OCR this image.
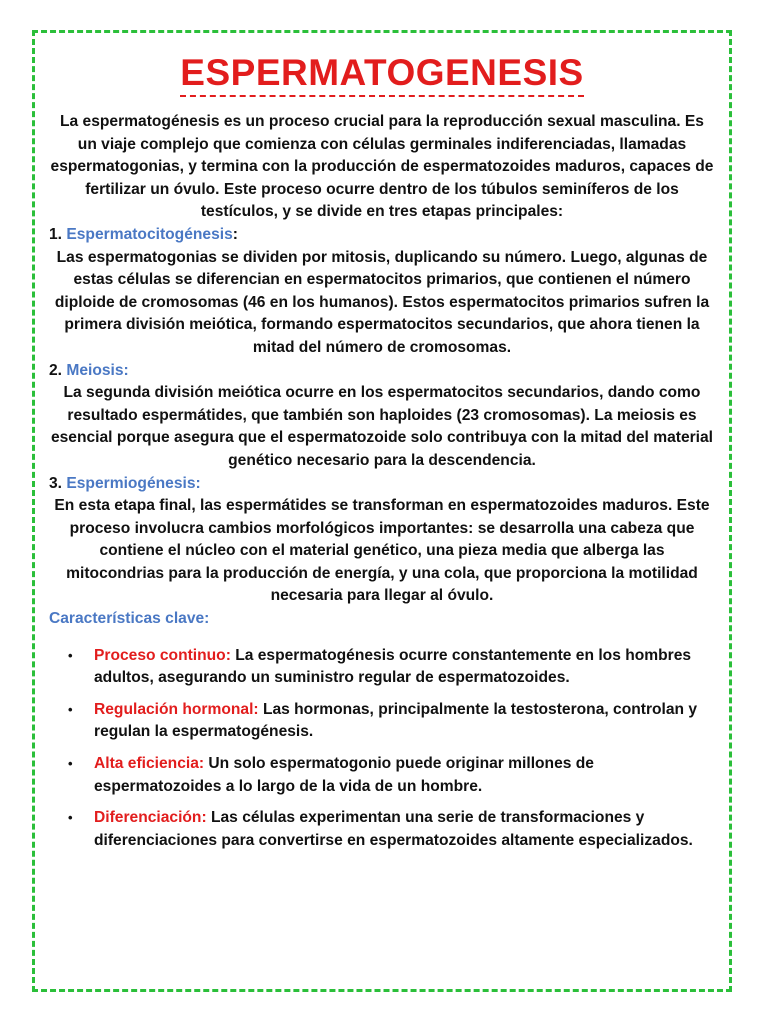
ESPERMATOGENESIS

La espermatogénesis es un proceso crucial para la reproducción sexual masculina. Es un viaje complejo que comienza con células germinales indiferenciadas, llamadas espermatogonias, y termina con la producción de espermatozoides maduros, capaces de fertilizar un óvulo. Este proceso ocurre dentro de los túbulos seminíferos de los testículos, y se divide en tres etapas principales:

1. Espermatocitogénesis:

Las espermatogonias se dividen por mitosis, duplicando su número. Luego, algunas de estas células se diferencian en espermatocitos primarios, que contienen el número diploide de cromosomas (46 en los humanos). Estos espermatocitos primarios sufren la primera división meiótica, formando espermatocitos secundarios, que ahora tienen la mitad del número de cromosomas.

2. Meiosis:

La segunda división meiótica ocurre en los espermatocitos secundarios, dando como resultado espermátides, que también son haploides (23 cromosomas). La meiosis es esencial porque asegura que el espermatozoide solo contribuya con la mitad del material genético necesario para la descendencia.

3. Espermiogénesis:

En esta etapa final, las espermátides se transforman en espermatozoides maduros. Este proceso involucra cambios morfológicos importantes: se desarrolla una cabeza que contiene el núcleo con el material genético, una pieza media que alberga las mitocondrias para la producción de energía, y una cola, que proporciona la motilidad necesaria para llegar al óvulo.

Características clave:

• Proceso continuo: La espermatogénesis ocurre constantemente en los hombres adultos, asegurando un suministro regular de espermatozoides.
• Regulación hormonal: Las hormonas, principalmente la testosterona, controlan y regulan la espermatogénesis.
• Alta eficiencia: Un solo espermatogonio puede originar millones de espermatozoides a lo largo de la vida de un hombre.
• Diferenciación: Las células experimentan una serie de transformaciones y diferenciaciones para convertirse en espermatozoides altamente especializados.
